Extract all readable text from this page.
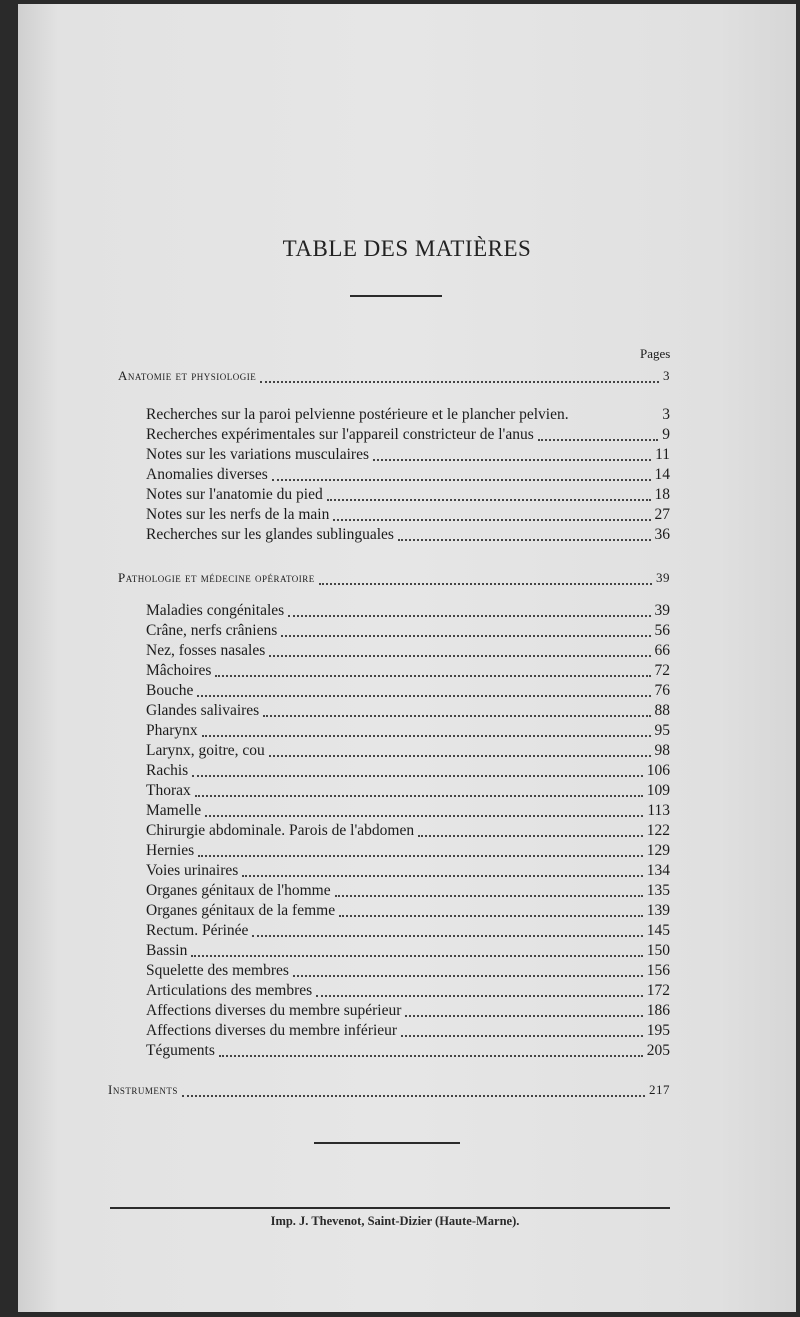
TABLE DES MATIÈRES
Pages
Anatomie et physiologie	3
Recherches sur la paroi pelvienne postérieure et le plancher pelvien.	3
Recherches expérimentales sur l'appareil constricteur de l'anus	9
Notes sur les variations musculaires	11
Anomalies diverses	14
Notes sur l'anatomie du pied	18
Notes sur les nerfs de la main	27
Recherches sur les glandes sublinguales	36
Pathologie et médecine opératoire	39
Maladies congénitales	39
Crâne, nerfs crâniens	56
Nez, fosses nasales	66
Mâchoires	72
Bouche	76
Glandes salivaires	88
Pharynx	95
Larynx, goitre, cou	98
Rachis	106
Thorax	109
Mamelle	113
Chirurgie abdominale. Parois de l'abdomen	122
Hernies	129
Voies urinaires	134
Organes génitaux de l'homme	135
Organes génitaux de la femme	139
Rectum. Périnée	145
Bassin	150
Squelette des membres	156
Articulations des membres	172
Affections diverses du membre supérieur	186
Affections diverses du membre inférieur	195
Téguments	205
Instruments	217
Imp. J. Thevenot, Saint-Dizier (Haute-Marne).
